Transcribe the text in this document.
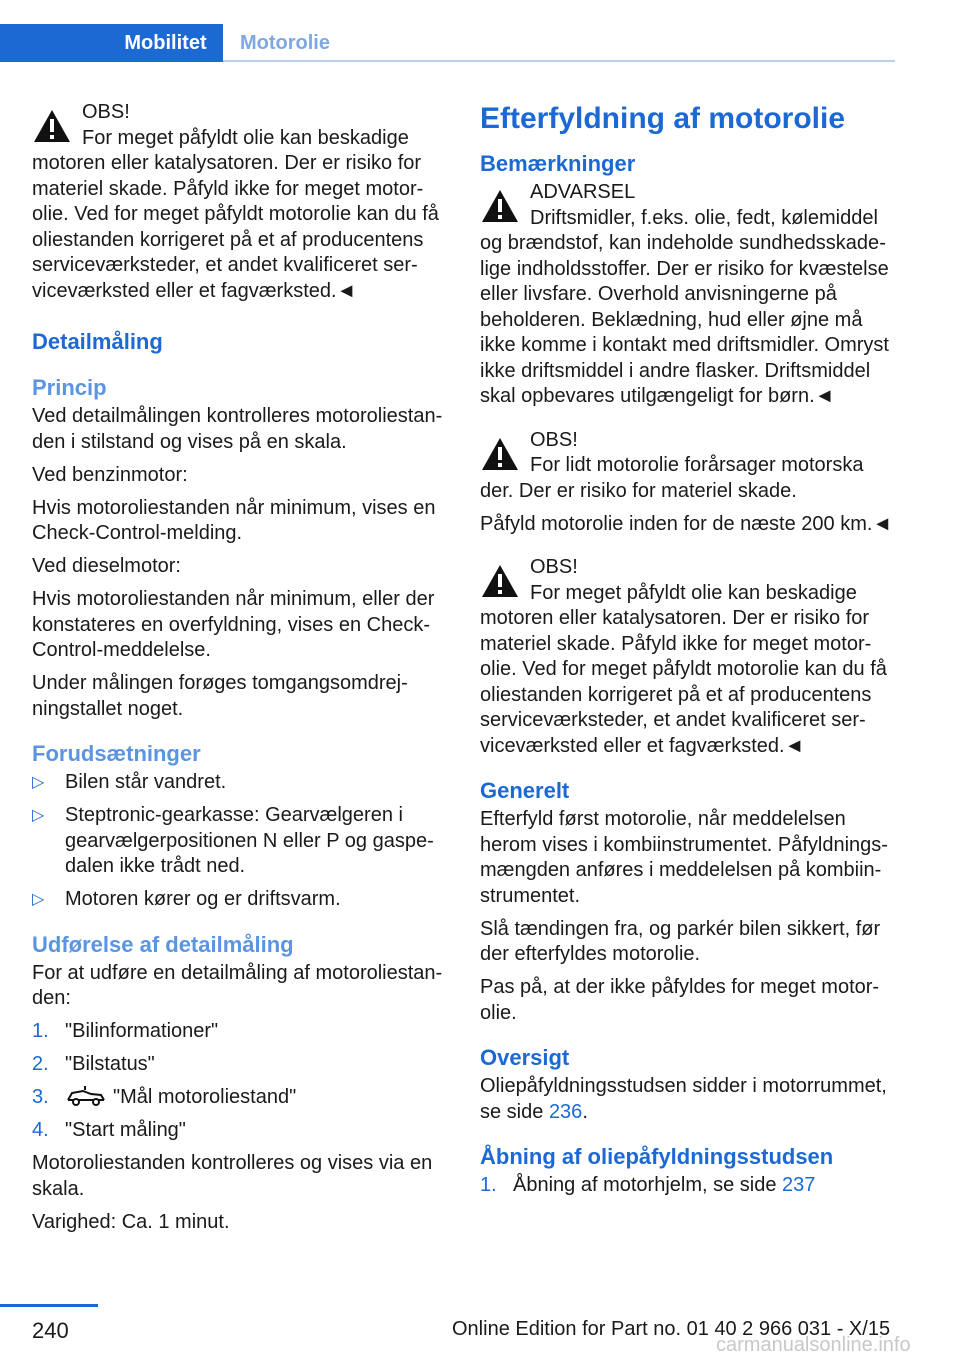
Mobilitet	Motorolie
OBS!
For meget påfyldt olie kan beskadige
motoren eller katalysatoren. Der er risiko for materiel skade. Påfyld ikke for meget motorolie. Ved for meget påfyldt motorolie kan du få oliestanden korrigeret på et af producentens serviceværksteder, et andet kvalificeret serviceværksted eller et fagværksted.◄
Detailmåling
Princip

Ved detailmålingen kontrolleres motoroliestanden i stilstand og vises på en skala.

Ved benzinmotor:

Hvis motoroliestanden når minimum, vises en Check-Control-melding.

Ved dieselmotor:

Hvis motoroliestanden når minimum, eller der konstateres en overfyldning, vises en Check-Control-meddelelse.

Under målingen forøges tomgangsomdrejningstallet noget.

Forudsætninger
▷ Bilen står vandret.
▷ Steptronic-gearkasse: Gearvælgeren i gearvælgerpositionen N eller P og gaspedalen ikke trådt ned.
▷ Motoren kører og er driftsvarm.
Udførelse af detailmåling

For at udføre en detailmåling af motoroliestanden:

1. "Bilinformationer"
2. "Bilstatus"
3.	"Mål motoroliestand"
4. "Start måling"

Motoroliestanden kontrolleres og vises via en skala.

Varighed: Ca. 1 minut.

Efterfyldning af motorolie
Bemærkninger
ADVARSEL
Driftsmidler, f.eks. olie, fedt, kølemiddel
og brændstof, kan indeholde sundhedsskadelige indholdsstoffer. Der er risiko for kvæstelse eller livsfare. Overhold anvisningerne på beholderen. Beklædning, hud eller øjne må ikke komme i kontakt med driftsmidler. Omryst ikke driftsmiddel i andre flasker. Driftsmiddel skal opbevares utilgængeligt for børn.◄
OBS!
For lidt motorolie forårsager motorska
der. Der er risiko for materiel skade.

Påfyld motorolie inden for de næste 200 km.◄

OBS!
For meget påfyldt olie kan beskadige
motoren eller katalysatoren. Der er risiko for materiel skade. Påfyld ikke for meget motorolie. Ved for meget påfyldt motorolie kan du få oliestanden korrigeret på et af producentens serviceværksteder, et andet kvalificeret serviceværksted eller et fagværksted.◄
Generelt

Efterfyld først motorolie, når meddelelsen herom vises i kombiinstrumentet. Påfyldningsmængden anføres i meddelelsen på kombiinstrumentet.

Slå tændingen fra, og parkér bilen sikkert, før der efterfyldes motorolie.

Pas på, at der ikke påfyldes for meget motorolie.

Oversigt

Oliepåfyldningsstudsen sidder i motorrummet, se side 236.

Åbning af oliepåfyldningsstudsen
1. Åbning af motorhjelm, se side 237
240	Online Edition for Part no. 01 40 2 966 031 - X/15
carmanualsonline.info
